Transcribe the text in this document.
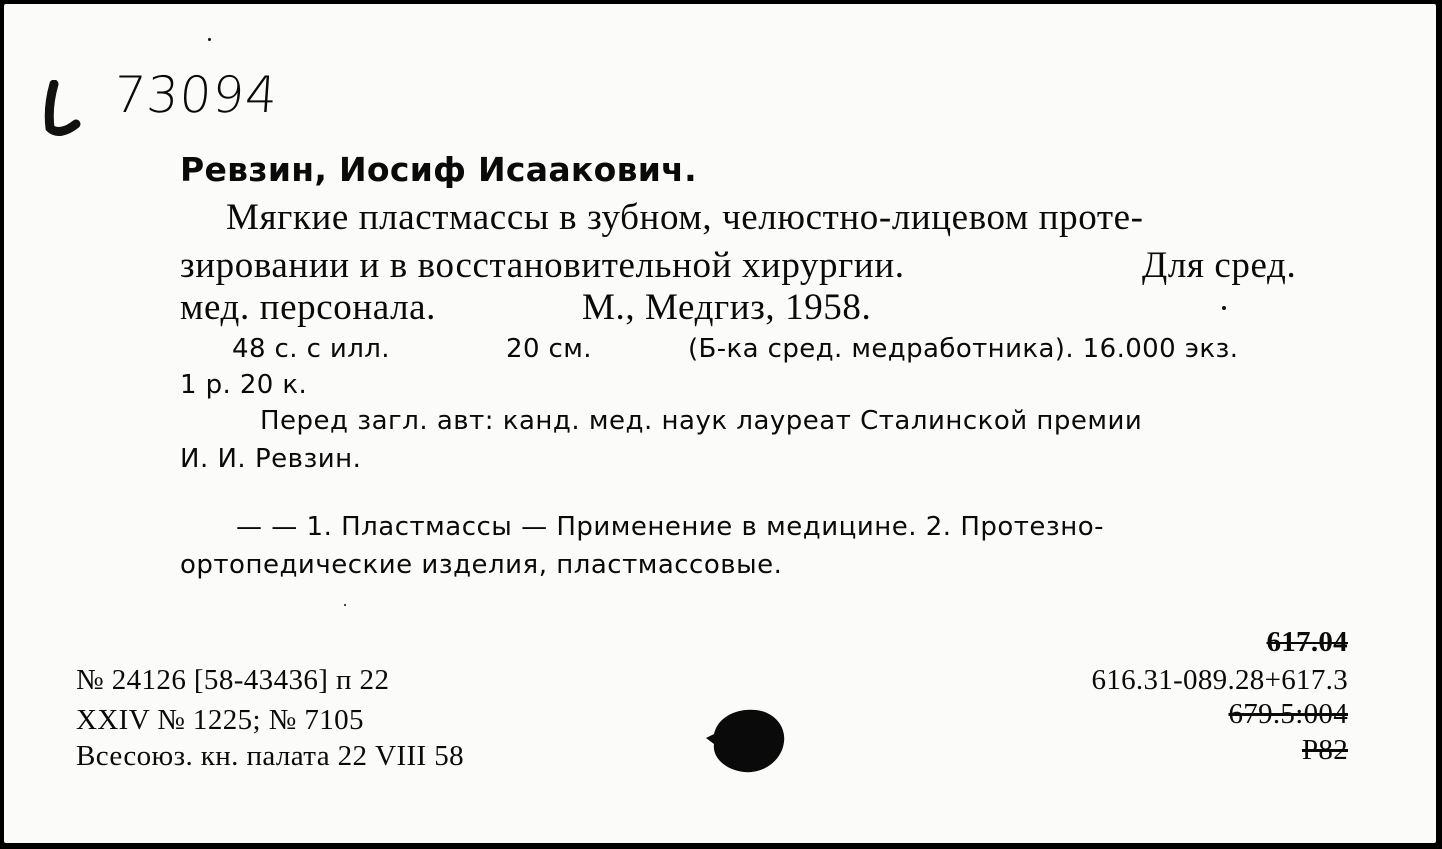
73094
Ревзин, Иосиф Исаакович.
Мягкие пластмассы в зубном, челюстно-лицевом проте-
зировании и в восстановительной хирургии.	Для сред.
мед. персонала.	М., Медгиз, 1958.
48 с. с илл.	20 см.	(Б-ка сред. медработника). 16.000 экз.
1 р. 20 к.
Перед загл. авт: канд. мед. наук лауреат Сталинской премии
И. И. Ревзин.
— — 1. Пластмассы — Применение в медицине. 2. Протезно-
ортопедические изделия, пластмассовые.
№ 24126 [58-43436] п 22
XXIV № 1225; № 7105
Всесоюз. кн. палата 22 VIII 58
617.04
616.31-089.28+617.3
679.5:004
Р82
